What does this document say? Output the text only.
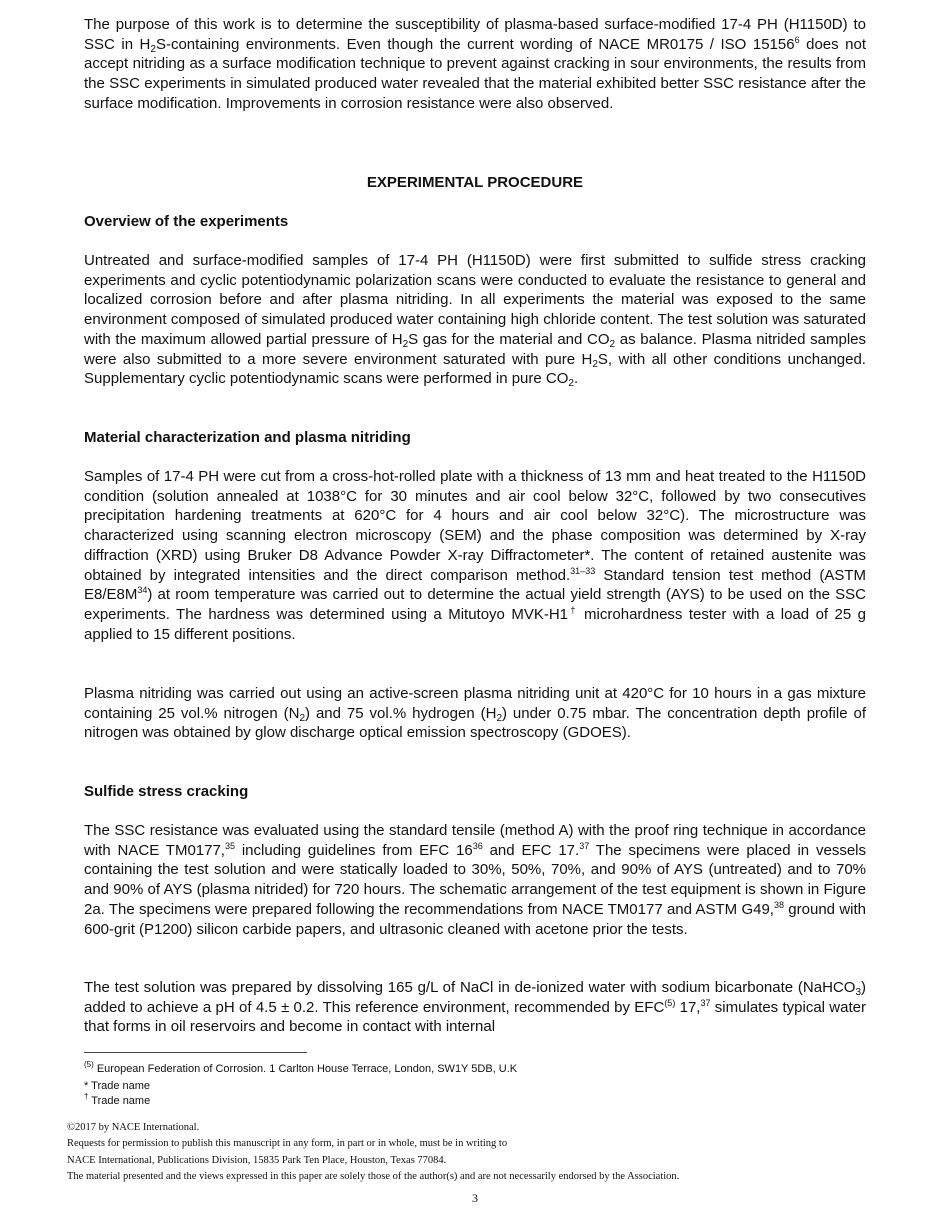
The purpose of this work is to determine the susceptibility of plasma-based surface-modified 17-4 PH (H1150D) to SSC in $H_2S$-containing environments. Even though the current wording of NACE MR0175 / ISO 15156$^6$ does not accept nitriding as a surface modification technique to prevent against cracking in sour environments, the results from the SSC experiments in simulated produced water revealed that the material exhibited better SSC resistance after the surface modification. Improvements in corrosion resistance were also observed.

EXPERIMENTAL PROCEDURE

Overview of the experiments

Untreated and surface-modified samples of 17-4 PH (H1150D) were first submitted to sulfide stress cracking experiments and cyclic potentiodynamic polarization scans were conducted to evaluate the resistance to general and localized corrosion before and after plasma nitriding. In all experiments the material was exposed to the same environment composed of simulated produced water containing high chloride content. The test solution was saturated with the maximum allowed partial pressure of $H_2S$ gas for the material and $CO_2$ as balance. Plasma nitrided samples were also submitted to a more severe environment saturated with pure $H_2S$, with all other conditions unchanged. Supplementary cyclic potentiodynamic scans were performed in pure $CO_2$.

Material characterization and plasma nitriding

Samples of 17-4 PH were cut from a cross-hot-rolled plate with a thickness of 13 mm and heat treated to the H1150D condition (solution annealed at 1038°C for 30 minutes and air cool below 32°C, followed by two consecutives precipitation hardening treatments at 620°C for 4 hours and air cool below 32°C). The microstructure was characterized using scanning electron microscopy (SEM) and the phase composition was determined by X-ray diffraction (XRD) using Bruker D8 Advance Powder X-ray Diffractometer*. The content of retained austenite was obtained by integrated intensities and the direct comparison method.$^{31-33}$ Standard tension test method (ASTM $E8/E8M^{34}$) at room temperature was carried out to determine the actual yield strength (AYS) to be used on the SSC experiments. The hardness was determined using a Mitutoyo MVK-H1† microhardness tester with a load of 25 g applied to 15 different positions.

Plasma nitriding was carried out using an active-screen plasma nitriding unit at 420°C for 10 hours in a gas mixture containing 25 vol.% nitrogen $(N_2)$ and 75 vol.% hydrogen $(H_2)$ under 0.75 mbar. The concentration depth profile of nitrogen was obtained by glow discharge optical emission spectroscopy (GDOES).

Sulfide stress cracking

The SSC resistance was evaluated using the standard tensile (method A) with the proof ring technique in accordance with NACE TM0177,35 including guidelines from EFC $16^{36}$ and EFC 17.37 The specimens were placed in vessels containing the test solution and were statically loaded to 30%, 50%, 70%, and 90% of AYS (untreated) and to 70% and 90% of AYS (plasma nitrided) for 720 hours. The schematic arrangement of the test equipment is shown in Figure 2a. The specimens were prepared following the recommendations from NACE TM0177 and ASTM G49,38 ground with 600-grit (P1200) silicon carbide papers, and ultrasonic cleaned with acetone prior the tests.

The test solution was prepared by dissolving 165 g/L of NaCl in de-ionized water with sodium bicarbonate (NaHCO$_3$) added to achieve a pH of 4.5 ± 0.2. This reference environment, recommended by EFC$^{(5)}$ 17,37 simulates typical water that forms in oil reservoirs and become in contact with internal

$^{(5)}$ European Federation of Corrosion. 1 Carlton House Terrace, London, SW1Y 5DB, U.K

* Trade name

† Trade name

©2017 by NACE International.

Requests for permission to publish this manuscript in any form, in part or in whole, must be in writing to

NACE International, Publications Division, 15835 Park Ten Place, Houston, Texas 77084.

The material presented and the views expressed in this paper are solely those of the author(s) and are not necessarily endorsed by the Association.

3
